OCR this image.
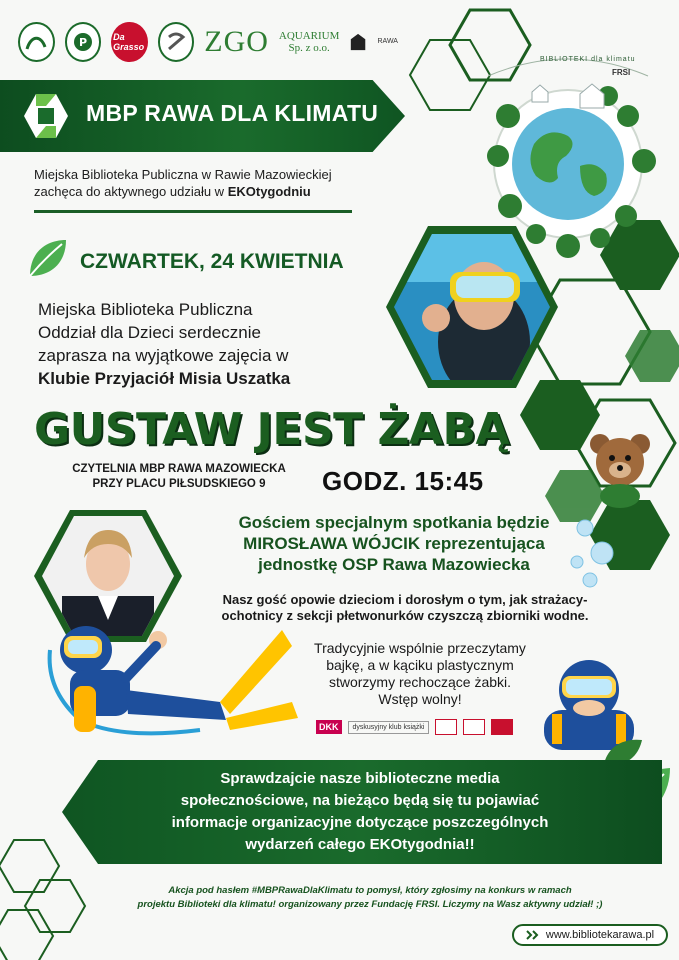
P	Da Grasso ZGO AQUARIUM
Sp. z o.o.
RAWA
BIBLIOTEKI dla klimatu
FRSI
MBP RAWA DLA KLIMATU
Miejska Biblioteka Publiczna w Rawie Mazowieckiej
zachęca do aktywnego udziału w EKOtygodniu
CZWARTEK, 24 KWIETNIA
Miejska Biblioteka Publiczna
Oddział dla Dzieci serdecznie
zaprasza na wyjątkowe zajęcia w
Klubie Przyjaciół Misia Uszatka
GUSTAW JEST ŻABĄ
CZYTELNIA MBP RAWA MAZOWIECKA
PRZY PLACU PIŁSUDSKIEGO 9	GODZ. 15:45
Gościem specjalnym spotkania będzie
MIROSŁAWA WÓJCIK reprezentująca
jednostkę OSP Rawa Mazowiecka
Nasz gość opowie dzieciom i dorosłym o tym, jak strażacy-
ochotnicy z sekcji płetwonurków czyszczą zbiorniki wodne.
Tradycyjnie wspólnie przeczytamy
bajkę, a w kąciku plastycznym
stworzymy rechoczące żabki.
Wstęp wolny!
DKK	dyskusyjny klub książki
Sprawdzajcie nasze biblioteczne media
społecznościowe, na bieżąco będą się tu pojawiać
informacje organizacyjne dotyczące poszczególnych
wydarzeń całego EKOtygodnia!!
Akcja pod hasłem #MBPRawaDlaKlimatu to pomysł, który zgłosimy na konkurs w ramach
projektu Biblioteki dla klimatu! organizowany przez Fundację FRSI. Liczymy na Wasz aktywny udział! ;)
www.bibliotekarawa.pl
